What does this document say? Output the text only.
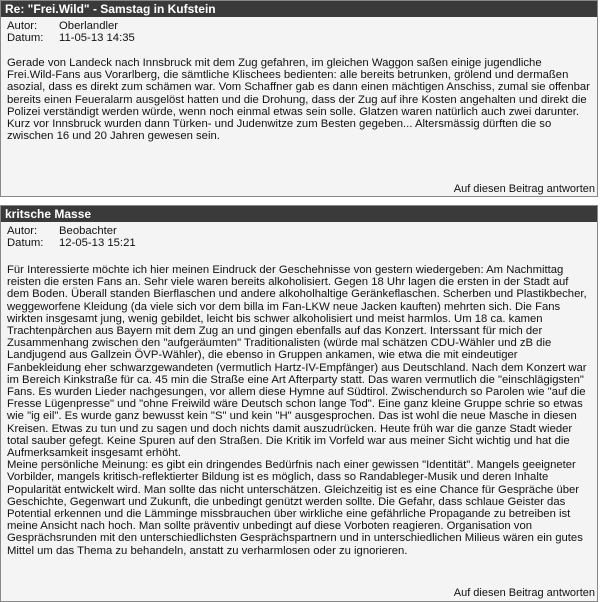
Re: "Frei.Wild" - Samstag in Kufstein
Autor: Oberlandler
Datum: 11-05-13 14:35
Gerade von Landeck nach Innsbruck mit dem Zug gefahren, im gleichen Waggon saßen einige jugendliche Frei.Wild-Fans aus Vorarlberg, die sämtliche Klischees bedienten: alle bereits betrunken, grölend und dermaßen asozial, dass es direkt zum schämen war. Vom Schaffner gab es dann einen mächtigen Anschiss, zumal sie offenbar bereits einen Feueralarm ausgelöst hatten und die Drohung, dass der Zug auf ihre Kosten angehalten und direkt die Polizei verständigt werden würde, wenn noch einmal etwas sein solle. Glatzen waren natürlich auch zwei darunter. Kurz vor Innsbruck wurden dann Türken- und Judenwitze zum Besten gegeben... Altersmässig dürften die so zwischen 16 und 20 Jahren gewesen sein.
Auf diesen Beitrag antworten
kritsche Masse
Autor: Beobachter
Datum: 12-05-13 15:21
Für Interessierte möchte ich hier meinen Eindruck der Geschehnisse von gestern wiedergeben: Am Nachmittag reisten die ersten Fans an. Sehr viele waren bereits alkoholisiert. Gegen 18 Uhr lagen die ersten in der Stadt auf dem Boden. Überall standen Bierflaschen und andere alkoholhaltige Geränkeflaschen. Scherben und Plastikbecher, weggeworfene Kleidung (da viele sich vor dem billa im Fan-LKW neue Jacken kauften) mehrten sich. Die Fans wirkten insgesamt jung, wenig gebildet, leicht bis schwer alkoholisiert und meist harmlos. Um 18 ca. kamen Trachtenpärchen aus Bayern mit dem Zug an und gingen ebenfalls auf das Konzert. Interssant für mich der Zusammenhang zwischen den "aufgeräumten" Traditionalisten (würde mal schätzen CDU-Wähler und zB die Landjugend aus Gallzein ÖVP-Wähler), die ebenso in Gruppen ankamen, wie etwa die mit eindeutiger Fanbekleidung eher schwarzgewandeten (vermutlich Hartz-IV-Empfänger) aus Deutschland. Nach dem Konzert war im Bereich Kinkstraße für ca. 45 min die Straße eine Art Afterparty statt. Das waren vermutlich die "einschlägigsten" Fans. Es wurden Lieder nachgesungen, vor allem diese Hymne auf Südtirol. Zwischendurch so Parolen wie "auf die Fresse Lügenpresse" und "ohne Freiwild wäre Deutsch schon lange Tod". Eine ganz kleine Gruppe schrie so etwas wie "ig eil". Es wurde ganz bewusst kein "S" und kein "H" ausgesprochen. Das ist wohl die neue Masche in diesen Kreisen. Etwas zu tun und zu sagen und doch nichts damit auszudrücken. Heute früh war die ganze Stadt wieder total sauber gefegt. Keine Spuren auf den Straßen. Die Kritik im Vorfeld war aus meiner Sicht wichtig und hat die Aufmerksamkeit insgesamt erhöht.
Meine persönliche Meinung: es gibt ein dringendes Bedürfnis nach einer gewissen "Identität". Mangels geeigneter Vorbilder, mangels kritisch-reflektierter Bildung ist es möglich, dass so Randableger-Musik und deren Inhalte Popularität entwickelt wird. Man sollte das nicht unterschätzen. Gleichzeitig ist es eine Chance für Gespräche über Geschichte, Gegenwart und Zukunft, die unbedingt genützt werden sollte. Die Gefahr, dass schlaue Geister das Potential erkennen und die Lämminge missbrauchen über wirkliche eine gefährliche Propagande zu betreiben ist meine Ansicht nach hoch. Man sollte präventiv unbedingt auf diese Vorboten reagieren. Organisation von Gesprächsrunden mit den unterschiedlichsten Gesprächspartnern und in unterschiedlichen Milieus wären ein gutes Mittel um das Thema zu behandeln, anstatt zu verharmlosen oder zu ignorieren.
Auf diesen Beitrag antworten
